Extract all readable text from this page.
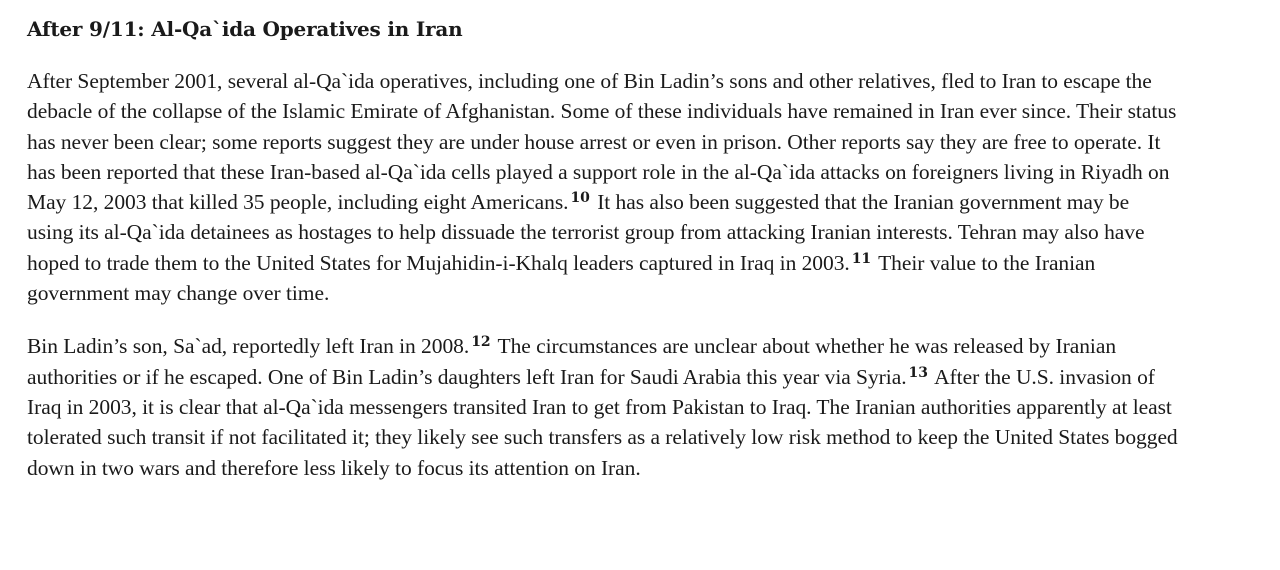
After 9/11: Al-Qa`ida Operatives in Iran

After September 2001, several al-Qa`ida operatives, including one of Bin Ladin’s sons and other relatives, fled to Iran to escape the debacle of the collapse of the Islamic Emirate of Afghanistan. Some of these individuals have remained in Iran ever since. Their status has never been clear; some reports suggest they are under house arrest or even in prison. Other reports say they are free to operate. It has been reported that these Iran-based al-Qa`ida cells played a support role in the al-Qa`ida attacks on foreigners living in Riyadh on May 12, 2003 that killed 35 people, including eight Americans. $^{10}$ It has also been suggested that the Iranian government may be using its al-Qa`ida detainees as hostages to help dissuade the terrorist group from attacking Iranian interests. Tehran may also have hoped to trade them to the United States for Mujahidin-i-Khalq leaders captured in Iraq in 2003. $^{11}$ Their value to the Iranian government may change over time.

Bin Ladin’s son, Sa`ad, reportedly left Iran in 2008. $^{12}$ The circumstances are unclear about whether he was released by Iranian authorities or if he escaped. One of Bin Ladin’s daughters left Iran for Saudi Arabia this year via Syria. $^{13}$ After the U.S. invasion of Iraq in 2003, it is clear that al-Qa`ida messengers transited Iran to get from Pakistan to Iraq. The Iranian authorities apparently at least tolerated such transit if not facilitated it; they likely see such transfers as a relatively low risk method to keep the United States bogged down in two wars and therefore less likely to focus its attention on Iran.
